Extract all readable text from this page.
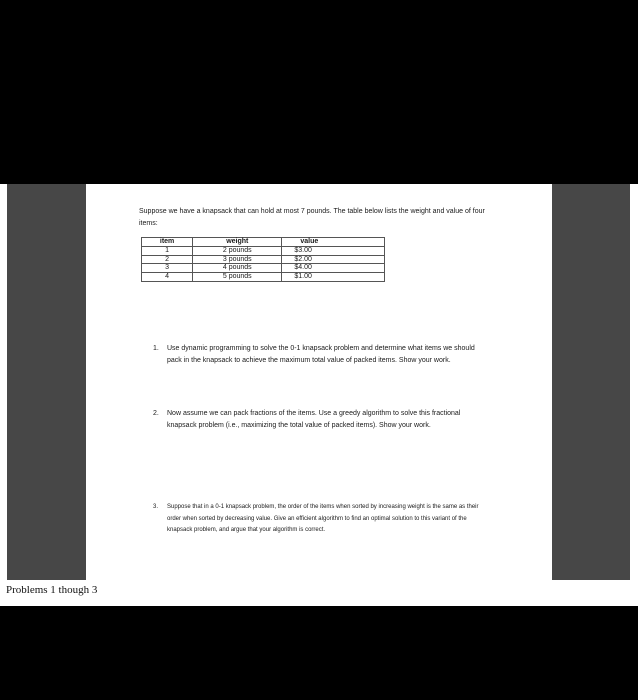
Suppose we have a knapsack that can hold at most 7 pounds. The table below lists the weight and value of four items:

item	weight	value
1	2 pounds	$3.00
2	3 pounds	$2.00
3	4 pounds	$4.00
4	5 pounds	$1.00

1. Use dynamic programming to solve the 0-1 knapsack problem and determine what items we should pack in the knapsack to achieve the maximum total value of packed items. Show your work.

2. Now assume we can pack fractions of the items. Use a greedy algorithm to solve this fractional knapsack problem (i.e., maximizing the total value of packed items). Show your work.

3. Suppose that in a 0-1 knapsack problem, the order of the items when sorted by increasing weight is the same as their order when sorted by decreasing value. Give an efficient algorithm to find an optimal solution to this variant of the knapsack problem, and argue that your algorithm is correct.

Problems 1 though 3
